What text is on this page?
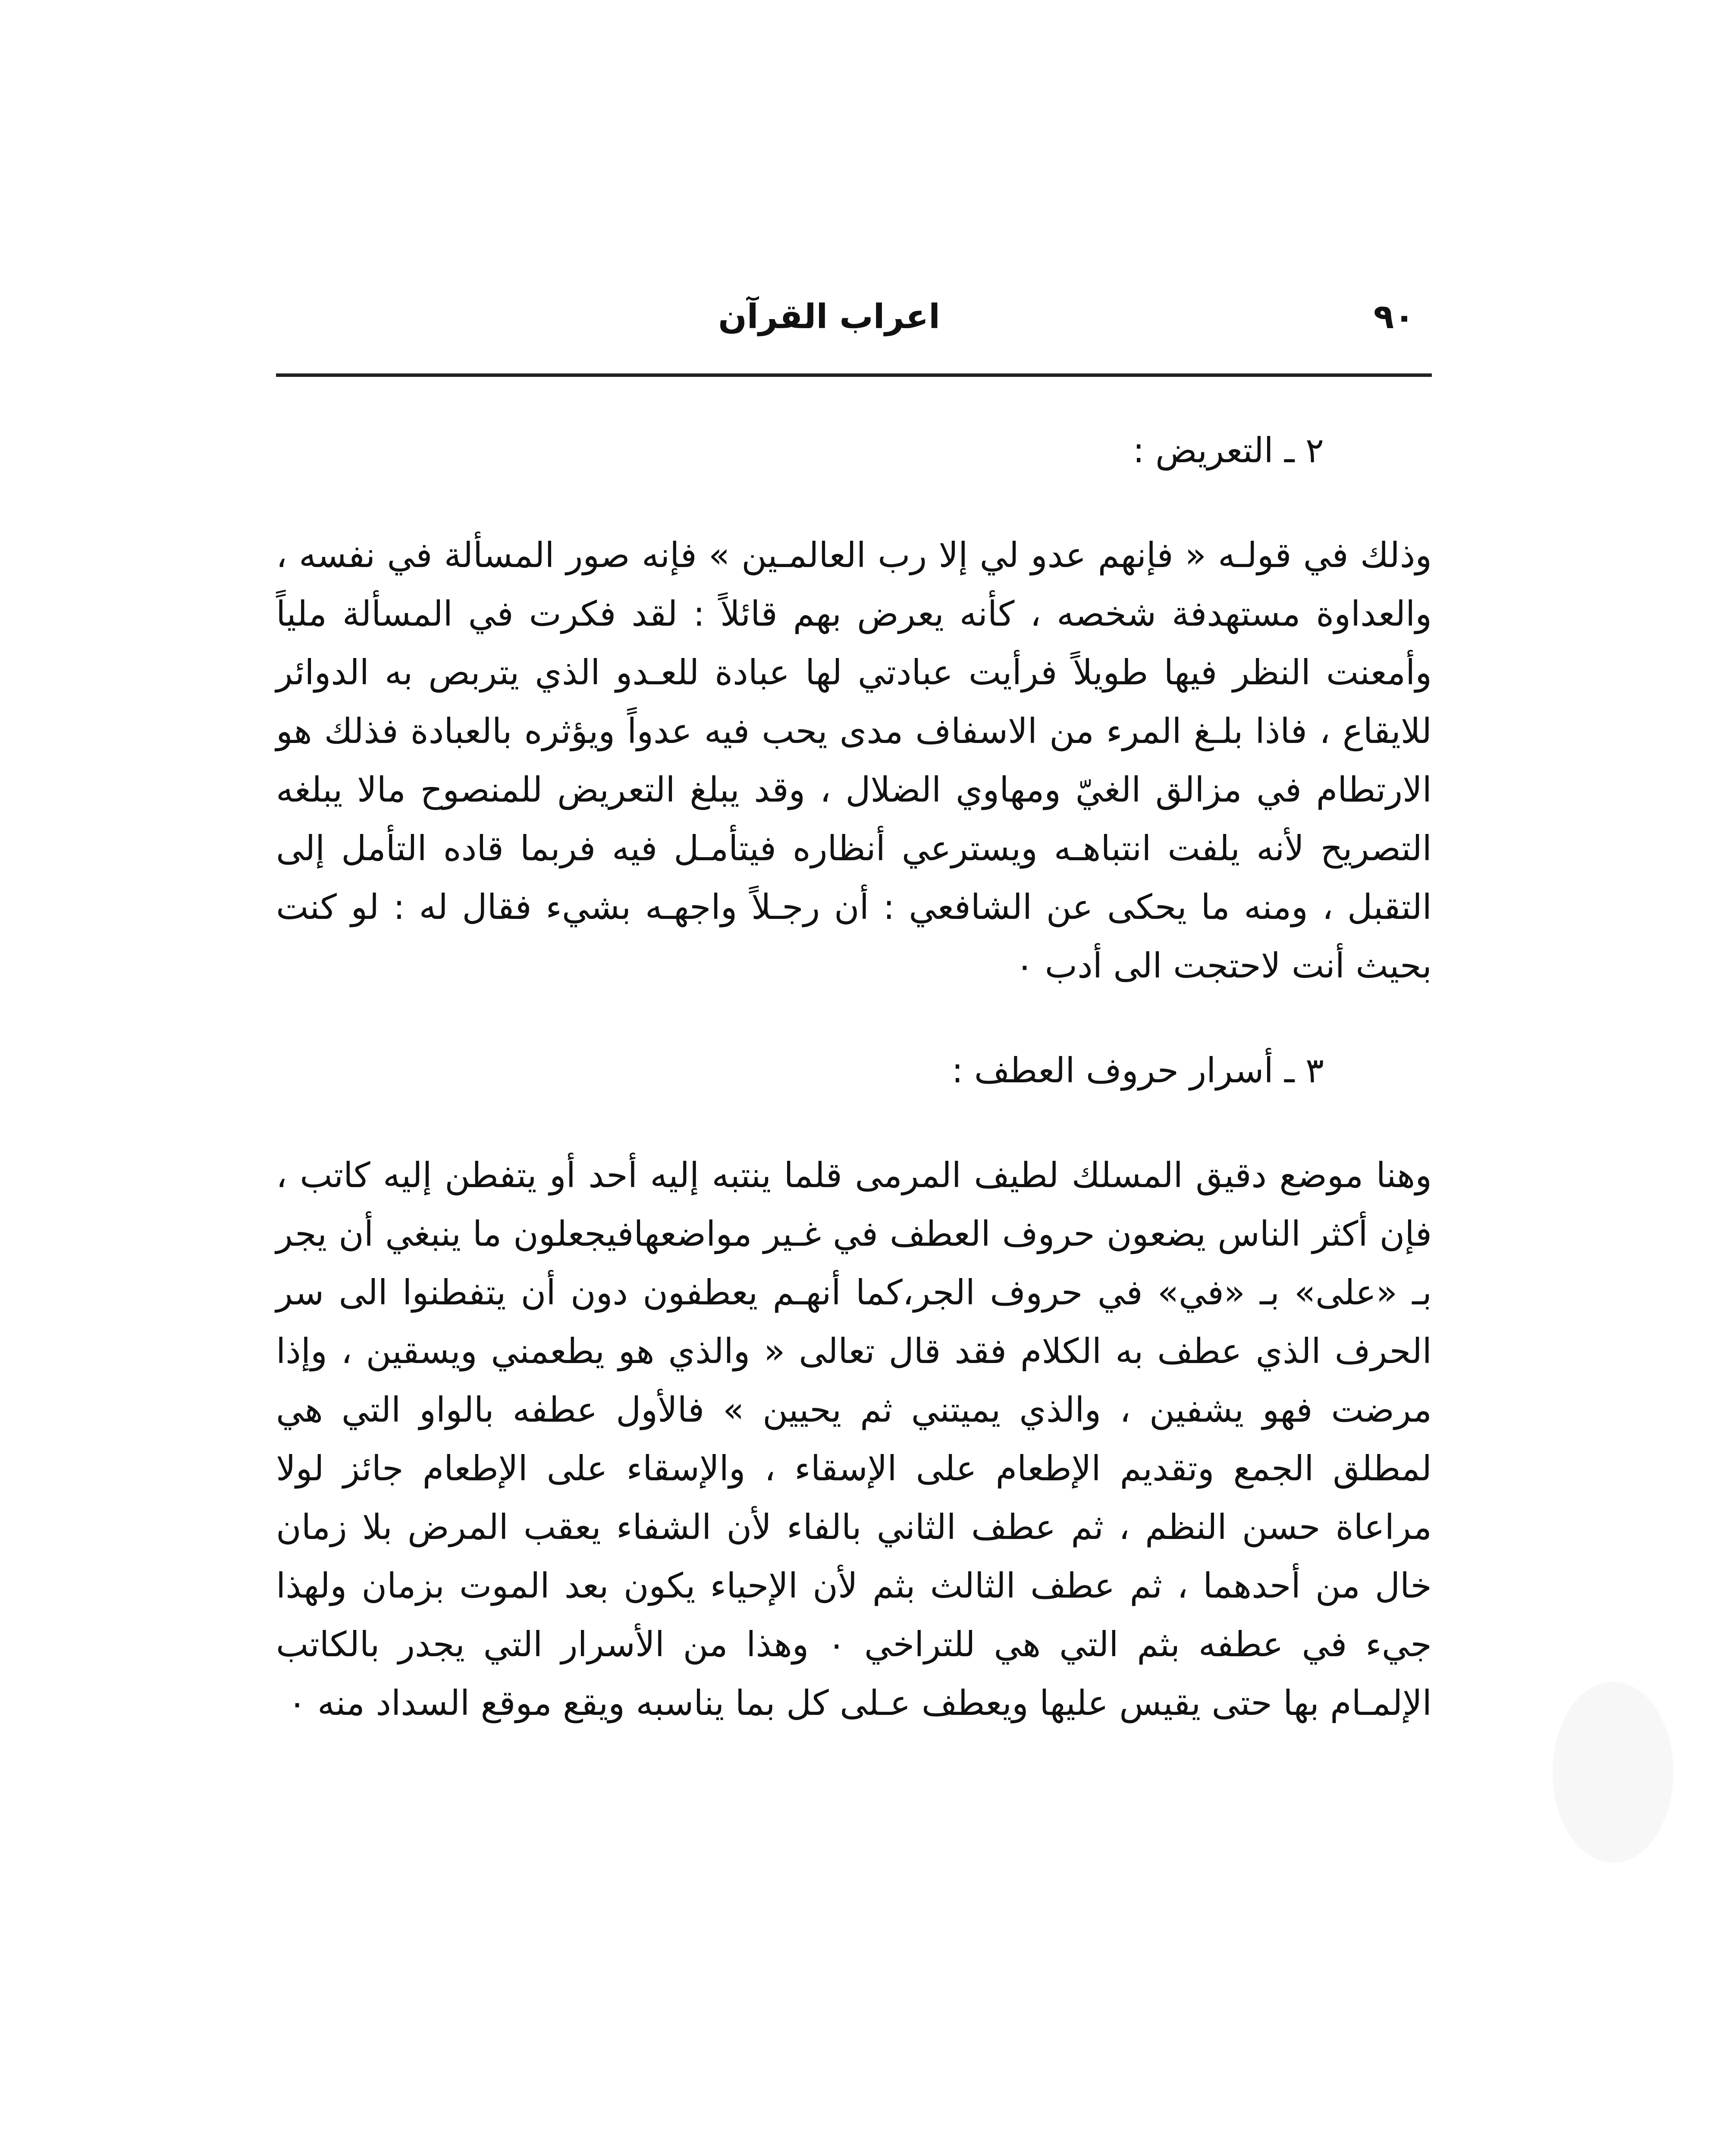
٩٠
اعراب القرآن
٢ ـ التعريض :

وذلك في قولـه « فإنهم عدو لي إلا رب العالمـين » فإنه صور المسألة في نفسه ، والعداوة مستهدفة شخصه ، كأنه يعرض بهم قائلاً : لقد فكرت في المسألة ملياً وأمعنت النظر فيها طويلاً فرأيت عبادتي لها عبادة للعـدو الذي يتربص به الدوائر للايقاع ، فاذا بلـغ المرء من الاسفاف مدى يحب فيه عدواً ويؤثره بالعبادة فذلك هو الارتطام في مزالق الغيّ ومهاوي الضلال ، وقد يبلغ التعريض للمنصوح مالا يبلغه التصريح لأنه يلفت انتباهـه ويسترعي أنظاره فيتأمـل فيه فربما قاده التأمل إلى التقبل ، ومنه ما يحكى عن الشافعي : أن رجـلاً واجهـه بشيء فقال له : لو كنت بحيث أنت لاحتجت الى أدب ٠

٣ ـ أسرار حروف العطف :

وهنا موضع دقيق المسلك لطيف المرمى قلما ينتبه إليه أحد أو يتفطن إليه كاتب ، فإن أكثر الناس يضعون حروف العطف في غـير مواضعهافيجعلون ما ينبغي أن يجر بـ «على» بـ «في» في حروف الجر،كما أنهـم يعطفون دون أن يتفطنوا الى سر الحرف الذي عطف به الكلام فقد قال تعالى « والذي هو يطعمني ويسقين ، وإذا مرضت فهو يشفين ، والذي يميتني ثم يحيين » فالأول عطفه بالواو التي هي لمطلق الجمع وتقديم الإطعام على الإسقاء ، والإسقاء على الإطعام جائز لولا مراعاة حسن النظم ، ثم عطف الثاني بالفاء لأن الشفاء يعقب المرض بلا زمان خال من أحدهما ، ثم عطف الثالث بثم لأن الإحياء يكون بعد الموت بزمان ولهذا جيء في عطفه بثم التي هي للتراخي ٠ وهذا من الأسرار التي يجدر بالكاتب الإلمـام بها حتى يقيس عليها ويعطف عـلى كل بما يناسبه ويقع موقع السداد منه ٠
